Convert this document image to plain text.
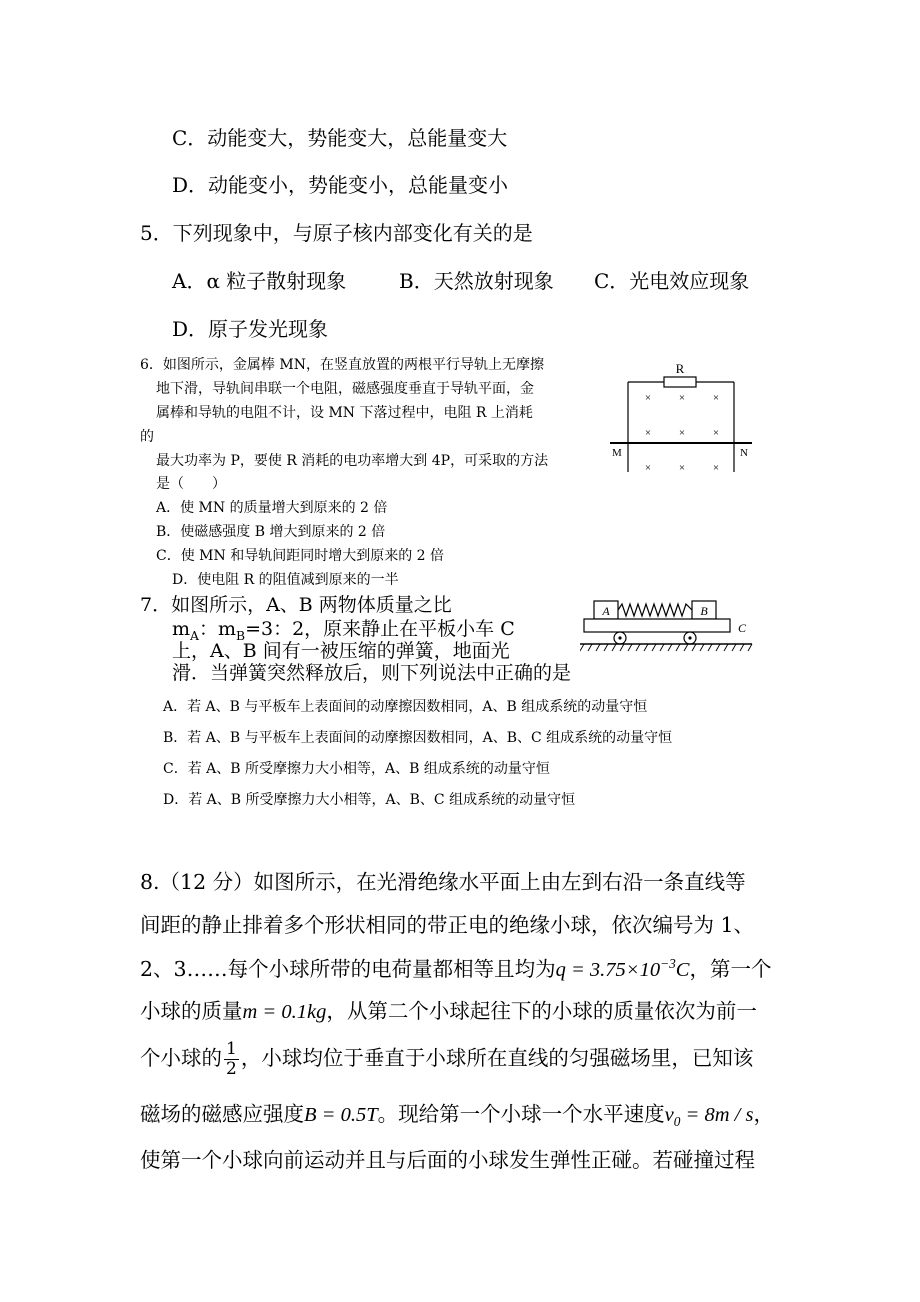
C．动能变大，势能变大，总能量变大
D．动能变小，势能变小，总能量变小
5．下列现象中，与原子核内部变化有关的是
A．α 粒子散射现象	B．天然放射现象 C．光电效应现象
D．原子发光现象
6．如图所示，金属棒 MN，在竖直放置的两根平行导轨上无摩擦
地下滑，导轨间串联一个电阻，磁感强度垂直于导轨平面，金
属棒和导轨的电阻不计，设 MN 下落过程中，电阻 R 上消耗
的
最大功率为 P，要使 R 消耗的电功率增大到 4P，可采取的方法
是（　　）
A．使 MN 的质量增大到原来的 2 倍
B．使磁感强度 B 增大到原来的 2 倍
C．使 MN 和导轨间距同时增大到原来的 2 倍
D．使电阻 R 的阻值减到原来的一半
R
M	N
×	×	×
×	×	×
×	×	×
7．如图所示，A、B 两物体质量之比
$m_A$：$m_B=3$：2，原来静止在平板小车 C
上，A、B 间有一被压缩的弹簧，地面光
滑．当弹簧突然释放后，则下列说法中正确的是
A．若 A、B 与平板车上表面间的动摩擦因数相同，A、B 组成系统的动量守恒
B．若 A、B 与平板车上表面间的动摩擦因数相同，A、B、C 组成系统的动量守恒
C．若 A、B 所受摩擦力大小相等，A、B 组成系统的动量守恒
D．若 A、B 所受摩擦力大小相等，A、B、C 组成系统的动量守恒
A	B
C
8.（12 分）如图所示，在光滑绝缘水平面上由左到右沿一条直线等
间距的静止排着多个形状相同的带正电的绝缘小球，依次编号为 1、
2、3……每个小球所带的电荷量都相等且均为$q = 3.75\times 10^{-3}C$，第一个
小球的质量m = 0.1kg，从第二个小球起往下的小球的质量依次为前一
个小球的 $\frac{1}{2}$ ，小球均位于垂直于小球所在直线的匀强磁场里，已知该
磁场的磁感应强度B = 0.5T。现给第一个小球一个水平速度$v_0 = 8m / s$，
使第一个小球向前运动并且与后面的小球发生弹性正碰。若碰撞过程
